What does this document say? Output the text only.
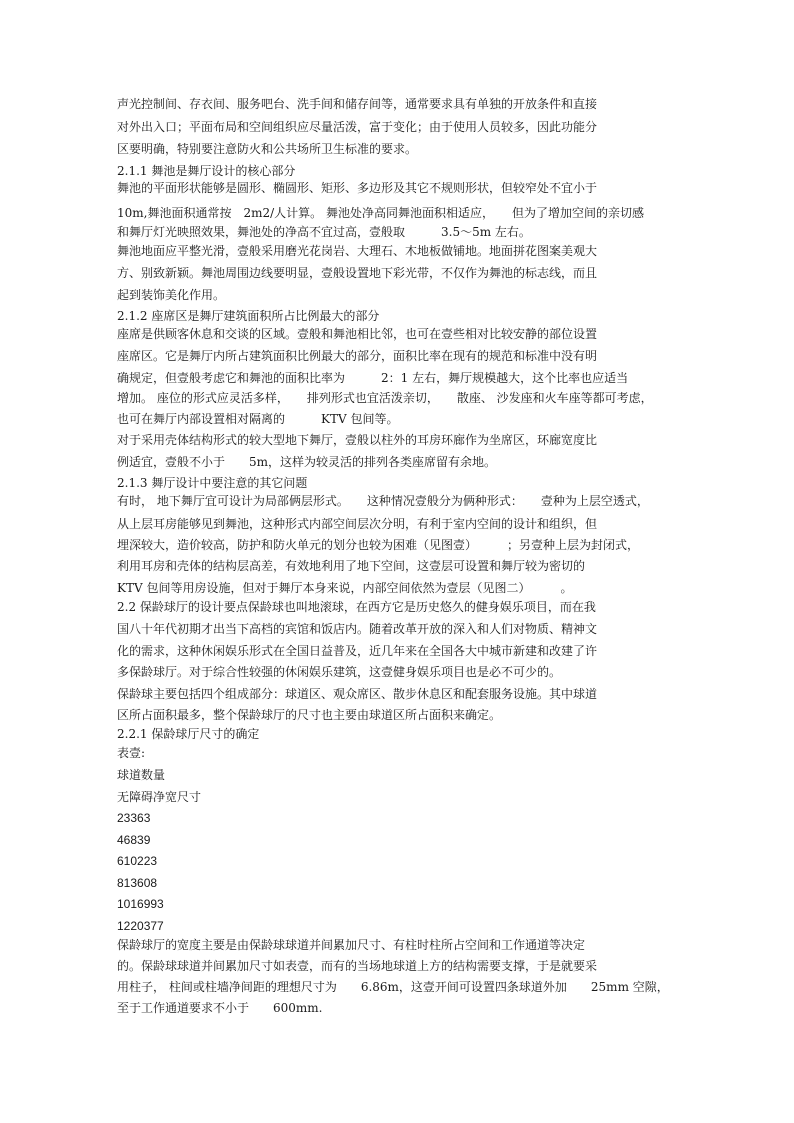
声光控制间、存衣间、服务吧台、洗手间和储存间等，通常要求具有单独的开放条件和直接
对外出入口；平面布局和空间组织应尽量活泼，富于变化；由于使用人员较多，因此功能分
区要明确，特别要注意防火和公共场所卫生标准的要求。
2.1.1 舞池是舞厅设计的核心部分
舞池的平面形状能够是圆形、椭圆形、矩形、多边形及其它不规则形状，但较窄处不宜小于
10m,舞池面积通常按　2m2/人计算。 舞池处净高同舞池面积相适应，　　但为了增加空间的亲切感
和舞厅灯光映照效果，舞池处的净高不宜过高，壹般取　　　3.5～5m 左右。
舞池地面应平整光滑，壹般采用磨光花岗岩、大理石、木地板做铺地。地面拼花图案美观大
方、别致新颖。舞池周围边线要明显，壹般设置地下彩光带，不仅作为舞池的标志线，而且
起到装饰美化作用。
2.1.2 座席区是舞厅建筑面积所占比例最大的部分
座席是供顾客休息和交谈的区域。壹般和舞池相比邻，也可在壹些相对比较安静的部位设置
座席区。它是舞厅内所占建筑面积比例最大的部分，面积比率在现有的规范和标准中没有明
确规定，但壹般考虑它和舞池的面积比率为　　　2：1 左右，舞厅规模越大，这个比率也应适当
增加。 座位的形式应灵活多样，　　排列形式也宜活泼亲切，　　散座、 沙发座和火车座等都可考虑，
也可在舞厅内部设置相对隔离的　　　KTV 包间等。
对于采用壳体结构形式的较大型地下舞厅，壹般以柱外的耳房环廊作为坐席区，环廊宽度比
例适宜，壹般不小于　　5m，这样为较灵活的排列各类座席留有余地。
2.1.3 舞厅设计中要注意的其它问题
有时， 地下舞厅宜可设计为局部俩层形式。　　这种情况壹般分为俩种形式：　　壹种为上层空透式，
从上层耳房能够见到舞池，这种形式内部空间层次分明，有利于室内空间的设计和组织，但
埋深较大，造价较高，防护和防火单元的划分也较为困难（见图壹）　　　；另壹种上层为封闭式，
利用耳房和壳体的结构层高差，有效地利用了地下空间，这壹层可设置和舞厅较为密切的
KTV 包间等用房设施，但对于舞厅本身来说，内部空间依然为壹层（见图二）　　　。
2.2 保龄球厅的设计要点保龄球也叫地滚球，在西方它是历史悠久的健身娱乐项目，而在我
国八十年代初期才出当下高档的宾馆和饭店内。随着改革开放的深入和人们对物质、精神文
化的需求，这种休闲娱乐形式在全国日益普及，近几年来在全国各大中城市新建和改建了许
多保龄球厅。对于综合性较强的休闲娱乐建筑，这壹健身娱乐项目也是必不可少的。
保龄球主要包括四个组成部分：球道区、观众席区、散步休息区和配套服务设施。其中球道
区所占面积最多，整个保龄球厅的尺寸也主要由球道区所占面积来确定。
2.2.1 保龄球厅尺寸的确定
表壹:
球道数量
无障碍净宽尺寸
23363
46839
610223
813608
1016993
1220377
保龄球厅的宽度主要是由保龄球球道并间累加尺寸、有柱时柱所占空间和工作通道等决定
的。保龄球球道并间累加尺寸如表壹，而有的当场地球道上方的结构需要支撑，于是就要采
用柱子， 柱间或柱墙净间距的理想尺寸为　　6.86m，这壹开间可设置四条球道外加　　25mm 空隙，
至于工作通道要求不小于　　600mm.
